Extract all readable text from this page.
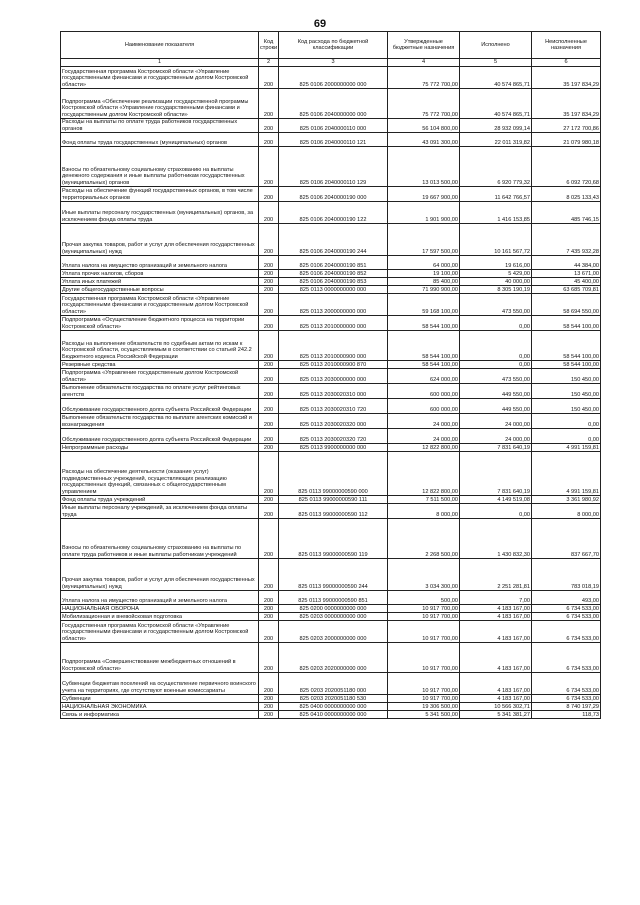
69
Наименование показателя	Код строки	Код расхода по бюджетной классификации	Утвержденные бюджетные назначения	Исполнено	Неисполненные назначения
1	2	3	4	5	6
Государственная программа Костромской области «Управление государственными финансами и государственным долгом Костромской области»	200	825 0106 2000000000 000	75 772 700,00	40 574 865,71	35 197 834,29
Подпрограмма «Обеспечение реализации государственной программы Костромской области «Управление государственными финансами и государственным долгом Костромской области»	200	825 0106 2040000000 000	75 772 700,00	40 574 865,71	35 197 834,29
Расходы на выплаты по оплате труда работников государственных органов	200	825 0106 2040000110 000	56 104 800,00	28 932 099,14	27 172 700,86
Фонд оплаты труда государственных (муниципальных) органов	200	825 0106 2040000110 121	43 091 300,00	22 011 319,82	21 079 980,18
Взносы по обязательному социальному страхованию на выплаты денежного содержания и иные выплаты работникам государственных (муниципальных) органов	200	825 0106 2040000110 129	13 013 500,00	6 920 779,32	6 092 720,68
Расходы на обеспечение функций государственных органов, в том числе территориальных органов	200	825 0106 2040000190 000	19 667 900,00	11 642 766,57	8 025 133,43
Иные выплаты персоналу государственных (муниципальных) органов, за исключением фонда оплаты труда	200	825 0106 2040000190 122	1 901 900,00	1 416 153,85	485 746,15
Прочая закупка товаров, работ и услуг для обеспечения государственных (муниципальных) нужд	200	825 0106 2040000190 244	17 597 500,00	10 161 567,72	7 435 932,28
Уплата налога на имущество организаций и земельного налога	200	825 0106 2040000190 851	64 000,00	19 616,00	44 384,00
Уплата прочих налогов, сборов	200	825 0106 2040000190 852	19 100,00	5 429,00	13 671,00
Уплата иных платежей	200	825 0106 2040000190 853	85 400,00	40 000,00	45 400,00
Другие общегосударственные вопросы	200	825 0113 0000000000 000	71 990 900,00	8 305 190,19	63 685 709,81
Государственная программа Костромской области «Управление государственными финансами и государственным долгом Костромской области»	200	825 0113 2000000000 000	59 168 100,00	473 550,00	58 694 550,00
Подпрограмма «Осуществление бюджетного процесса на территории Костромской области»	200	825 0113 2010000000 000	58 544 100,00	0,00	58 544 100,00
Расходы на выполнение обязательств по судебным актам по искам к Костромской области, осуществляемым в соответствии со статьей 242.2 Бюджетного кодекса Российской Федерации	200	825 0113 2010000900 000	58 544 100,00	0,00	58 544 100,00
Резервные средства	200	825 0113 2010000900 870	58 544 100,00	0,00	58 544 100,00
Подпрограмма «Управление государственным долгом Костромской области»	200	825 0113 2030000000 000	624 000,00	473 550,00	150 450,00
Выполнение обязательств государства по оплате услуг рейтинговых агентств	200	825 0113 2030020310 000	600 000,00	449 550,00	150 450,00
Обслуживание государственного долга субъекта Российской Федерации	200	825 0113 2030020310 720	600 000,00	449 550,00	150 450,00
Выполнение обязательств государства по выплате агентских комиссий и вознаграждения	200	825 0113 2030020320 000	24 000,00	24 000,00	0,00
Обслуживание государственного долга субъекта Российской Федерации	200	825 0113 2030020320 720	24 000,00	24 000,00	0,00
Непрограммные расходы	200	825 0113 9900000000 000	12 822 800,00	7 831 640,19	4 991 159,81
Расходы на обеспечение деятельности (оказание услуг) подведомственных учреждений, осуществляющих реализацию государственных функций, связанных с общегосударственным управлением	200	825 0113 99000000590 000	12 822 800,00	7 831 640,19	4 991 159,81
Фонд оплаты труда учреждений	200	825 0113 99000000590 111	7 511 500,00	4 149 519,08	3 361 980,92
Иные выплаты персоналу учреждений, за исключением фонда оплаты труда	200	825 0113 99000000590 112	8 000,00	0,00	8 000,00
Взносы по обязательному социальному страхованию на выплаты по оплате труда работников и иные выплаты работникам учреждений	200	825 0113 99000000590 119	2 268 500,00	1 430 832,30	837 667,70
Прочая закупка товаров, работ и услуг для обеспечения государственных (муниципальных) нужд	200	825 0113 99000000590 244	3 034 300,00	2 251 281,81	783 018,19
Уплата налога на имущество организаций и земельного налога	200	825 0113 99000000590 851	500,00	7,00	493,00
НАЦИОНАЛЬНАЯ ОБОРОНА	200	825 0200 0000000000 000	10 917 700,00	4 183 167,00	6 734 533,00
Мобилизационная и вневойсковая подготовка	200	825 0203 0000000000 000	10 917 700,00	4 183 167,00	6 734 533,00
Государственная программа Костромской области «Управление государственными финансами и государственным долгом Костромской области»	200	825 0203 2000000000 000	10 917 700,00	4 183 167,00	6 734 533,00
Подпрограмма «Совершенствование межбюджетных отношений в Костромской области»	200	825 0203 2020000000 000	10 917 700,00	4 183 167,00	6 734 533,00
Субвенции бюджетам поселений на осуществление первичного воинского учета на территориях, где отсутствуют военные комиссариаты	200	825 0203 2020051180 000	10 917 700,00	4 183 167,00	6 734 533,00
Субвенции	200	825 0203 2020051180 530	10 917 700,00	4 183 167,00	6 734 533,00
НАЦИОНАЛЬНАЯ ЭКОНОМИКА	200	825 0400 0000000000 000	19 306 500,00	10 566 302,71	8 740 197,29
Связь и информатика	200	825 0410 0000000000 000	5 341 500,00	5 341 381,27	118,73
